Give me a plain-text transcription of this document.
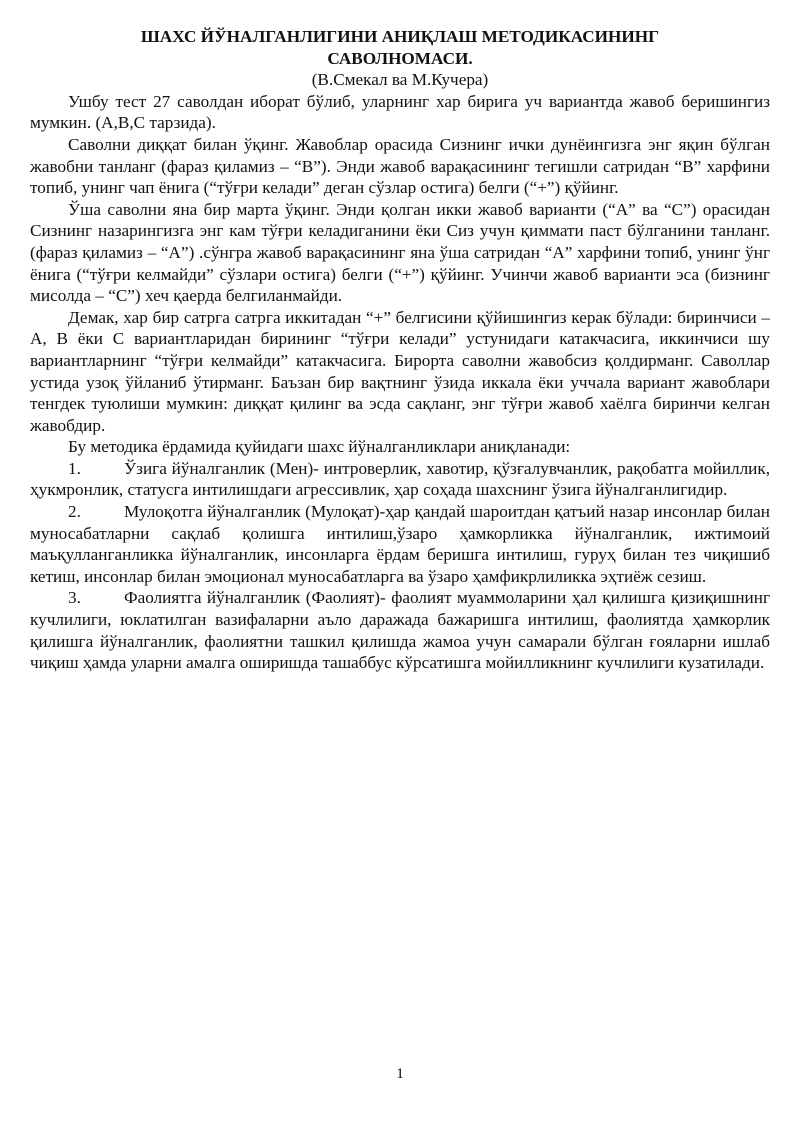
ШАХС ЙЎНАЛГАНЛИГИНИ АНИҚЛАШ МЕТОДИКАСИНИНГ САВОЛНОМАСИ.

(В.Смекал ва М.Кучера)

Ушбу тест 27 саволдан иборат бўлиб, уларнинг хар бирига уч вариантда жавоб беришингиз мумкин. (А,В,С тарзида).

Саволни диққат билан ўқинг. Жавоблар орасида Сизнинг ички дунёингизга энг яқин бўлган жавобни танланг (фараз қиламиз – “В”). Энди жавоб варақасининг тегишли сатридан “В” харфини топиб, унинг чап ёнига (“тўғри келади” деган сўзлар остига) белги (“+”) қўйинг.

Ўша саволни яна бир марта ўқинг. Энди қолган икки жавоб варианти (“А” ва “С”) орасидан Сизнинг назарингизга энг кам тўғри келадиганини ёки Сиз учун қиммати паст бўлганини танланг. (фараз қиламиз – “А”) .сўнгра жавоб варақасининг яна ўша сатридан “А” харфини топиб, унинг ўнг ёнига (“тўғри келмайди” сўзлари остига) белги (“+”) қўйинг. Учинчи жавоб варианти эса (бизнинг мисолда – “С”) хеч қаерда белгиланмайди.

Демак, хар бир сатрга сатрга иккитадан “+” белгисини қўйишингиз керак бўлади: биринчиси – А, В ёки С вариантларидан бирининг “тўғри келади” устунидаги катакчасига, иккинчиси шу вариантларнинг “тўғри келмайди” катакчасига. Бирорта саволни жавобсиз қолдирманг. Саволлар устида узоқ ўйланиб ўтирманг. Баъзан бир вақтнинг ўзида иккала ёки уччала вариант жавоблари тенгдек туюлиши мумкин: диққат қилинг ва эсда сақланг, энг тўғри жавоб хаёлга биринчи келган жавобдир.

Бу методика ёрдамида қуйидаги шахс йўналганликлари аниқланади:

1.	Ўзига йўналганлик (Мен)- интроверлик, хавотир, қўзғалувчанлик, рақобатга мойиллик, ҳукмронлик, статусга интилишдаги агрессивлик, ҳар соҳада шахснинг ўзига йўналганлигидир.

2.	Мулоқотга йўналганлик (Мулоқат)-ҳар қандай шароитдан қатъий назар инсонлар билан муносабатларни сақлаб қолишга интилиш,ўзаро ҳамкорликка йўналганлик, ижтимоий маъқулланганликка йўналганлик, инсонларга ёрдам беришга интилиш, гуруҳ билан тез чиқишиб кетиш, инсонлар билан эмоционал муносабатларга ва ўзаро ҳамфикрлиликка эҳтиёж сезиш.

3.	Фаолиятга йўналганлик (Фаолият)- фаолият муаммоларини ҳал қилишга қизиқишнинг кучлилиги, юклатилган вазифаларни аъло даражада бажаришга интилиш, фаолиятда ҳамкорлик қилишга йўналганлик, фаолиятни ташкил қилишда жамоа учун самарали бўлган ғояларни ишлаб чиқиш ҳамда уларни амалга оширишда ташаббус кўрсатишга мойилликнинг кучлилиги кузатилади.

1
